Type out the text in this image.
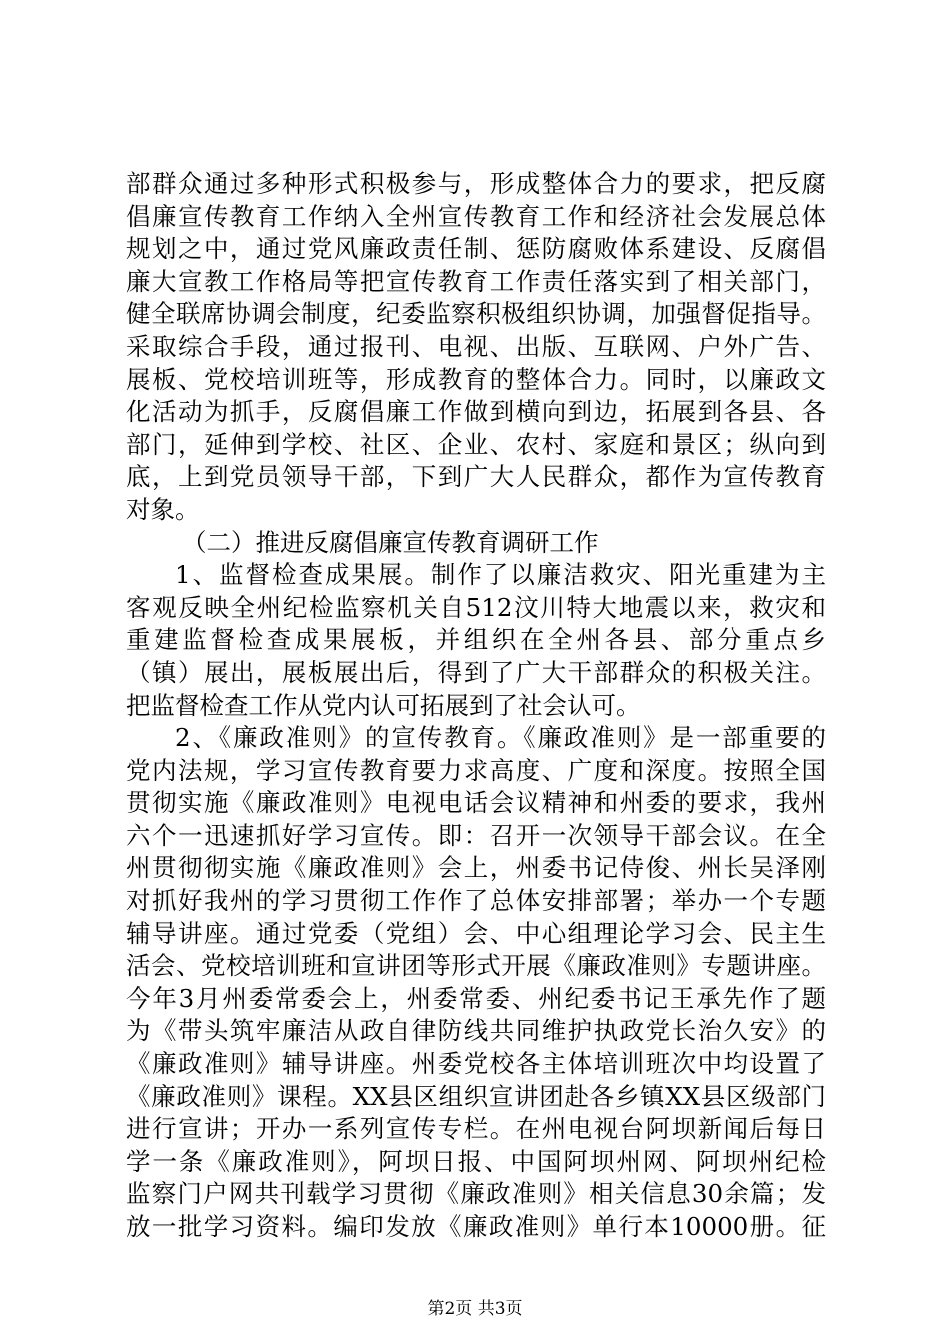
部群众通过多种形式积极参与，形成整体合力的要求，把反腐
倡廉宣传教育工作纳入全州宣传教育工作和经济社会发展总体
规划之中，通过党风廉政责任制、惩防腐败体系建设、反腐倡
廉大宣教工作格局等把宣传教育工作责任落实到了相关部门，
健全联席协调会制度，纪委监察积极组织协调，加强督促指导。
采取综合手段，通过报刊、电视、出版、互联网、户外广告、
展板、党校培训班等，形成教育的整体合力。同时，以廉政文
化活动为抓手，反腐倡廉工作做到横向到边，拓展到各县、各
部门，延伸到学校、社区、企业、农村、家庭和景区；纵向到
底，上到党员领导干部，下到广大人民群众，都作为宣传教育
对象。
（二）推进反腐倡廉宣传教育调研工作
1、监督检查成果展。制作了以廉洁救灾、阳光重建为主
客观反映全州纪检监察机关自512汶川特大地震以来，救灾和
重建监督检查成果展板，并组织在全州各县、部分重点乡
（镇）展出，展板展出后，得到了广大干部群众的积极关注。
把监督检查工作从党内认可拓展到了社会认可。
2、《廉政准则》的宣传教育。《廉政准则》是一部重要的
党内法规，学习宣传教育要力求高度、广度和深度。按照全国
贯彻实施《廉政准则》电视电话会议精神和州委的要求，我州
六个一迅速抓好学习宣传。即：召开一次领导干部会议。在全
州贯彻彻实施《廉政准则》会上，州委书记侍俊、州长吴泽刚
对抓好我州的学习贯彻工作作了总体安排部署；举办一个专题
辅导讲座。通过党委（党组）会、中心组理论学习会、民主生
活会、党校培训班和宣讲团等形式开展《廉政准则》专题讲座。
今年3月州委常委会上，州委常委、州纪委书记王承先作了题
为《带头筑牢廉洁从政自律防线共同维护执政党长治久安》的
《廉政准则》辅导讲座。州委党校各主体培训班次中均设置了
《廉政准则》课程。XX县区组织宣讲团赴各乡镇XX县区级部门
进行宣讲；开办一系列宣传专栏。在州电视台阿坝新闻后每日
学一条《廉政准则》，阿坝日报、中国阿坝州网、阿坝州纪检
监察门户网共刊载学习贯彻《廉政准则》相关信息30余篇；发
放一批学习资料。编印发放《廉政准则》单行本10000册。征
第2页 共3页
